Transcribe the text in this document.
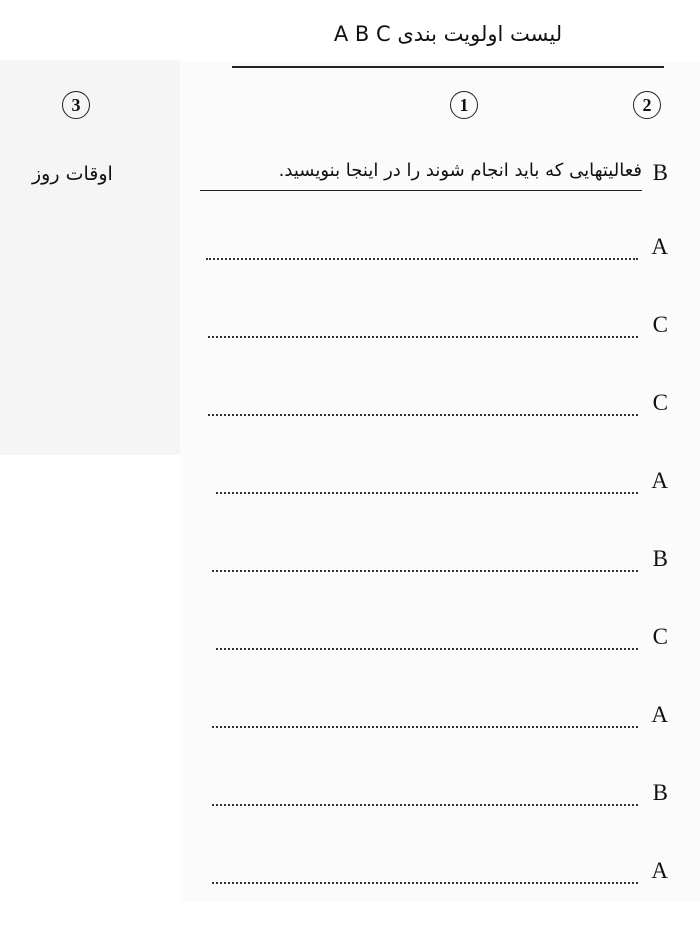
لیست اولویت بندی A B C
1	2
3
اوقات روز	فعالیتهایی که باید انجام شوند را در اینجا بنویسید. B
A
C
C
A
B
C
A
B
A
